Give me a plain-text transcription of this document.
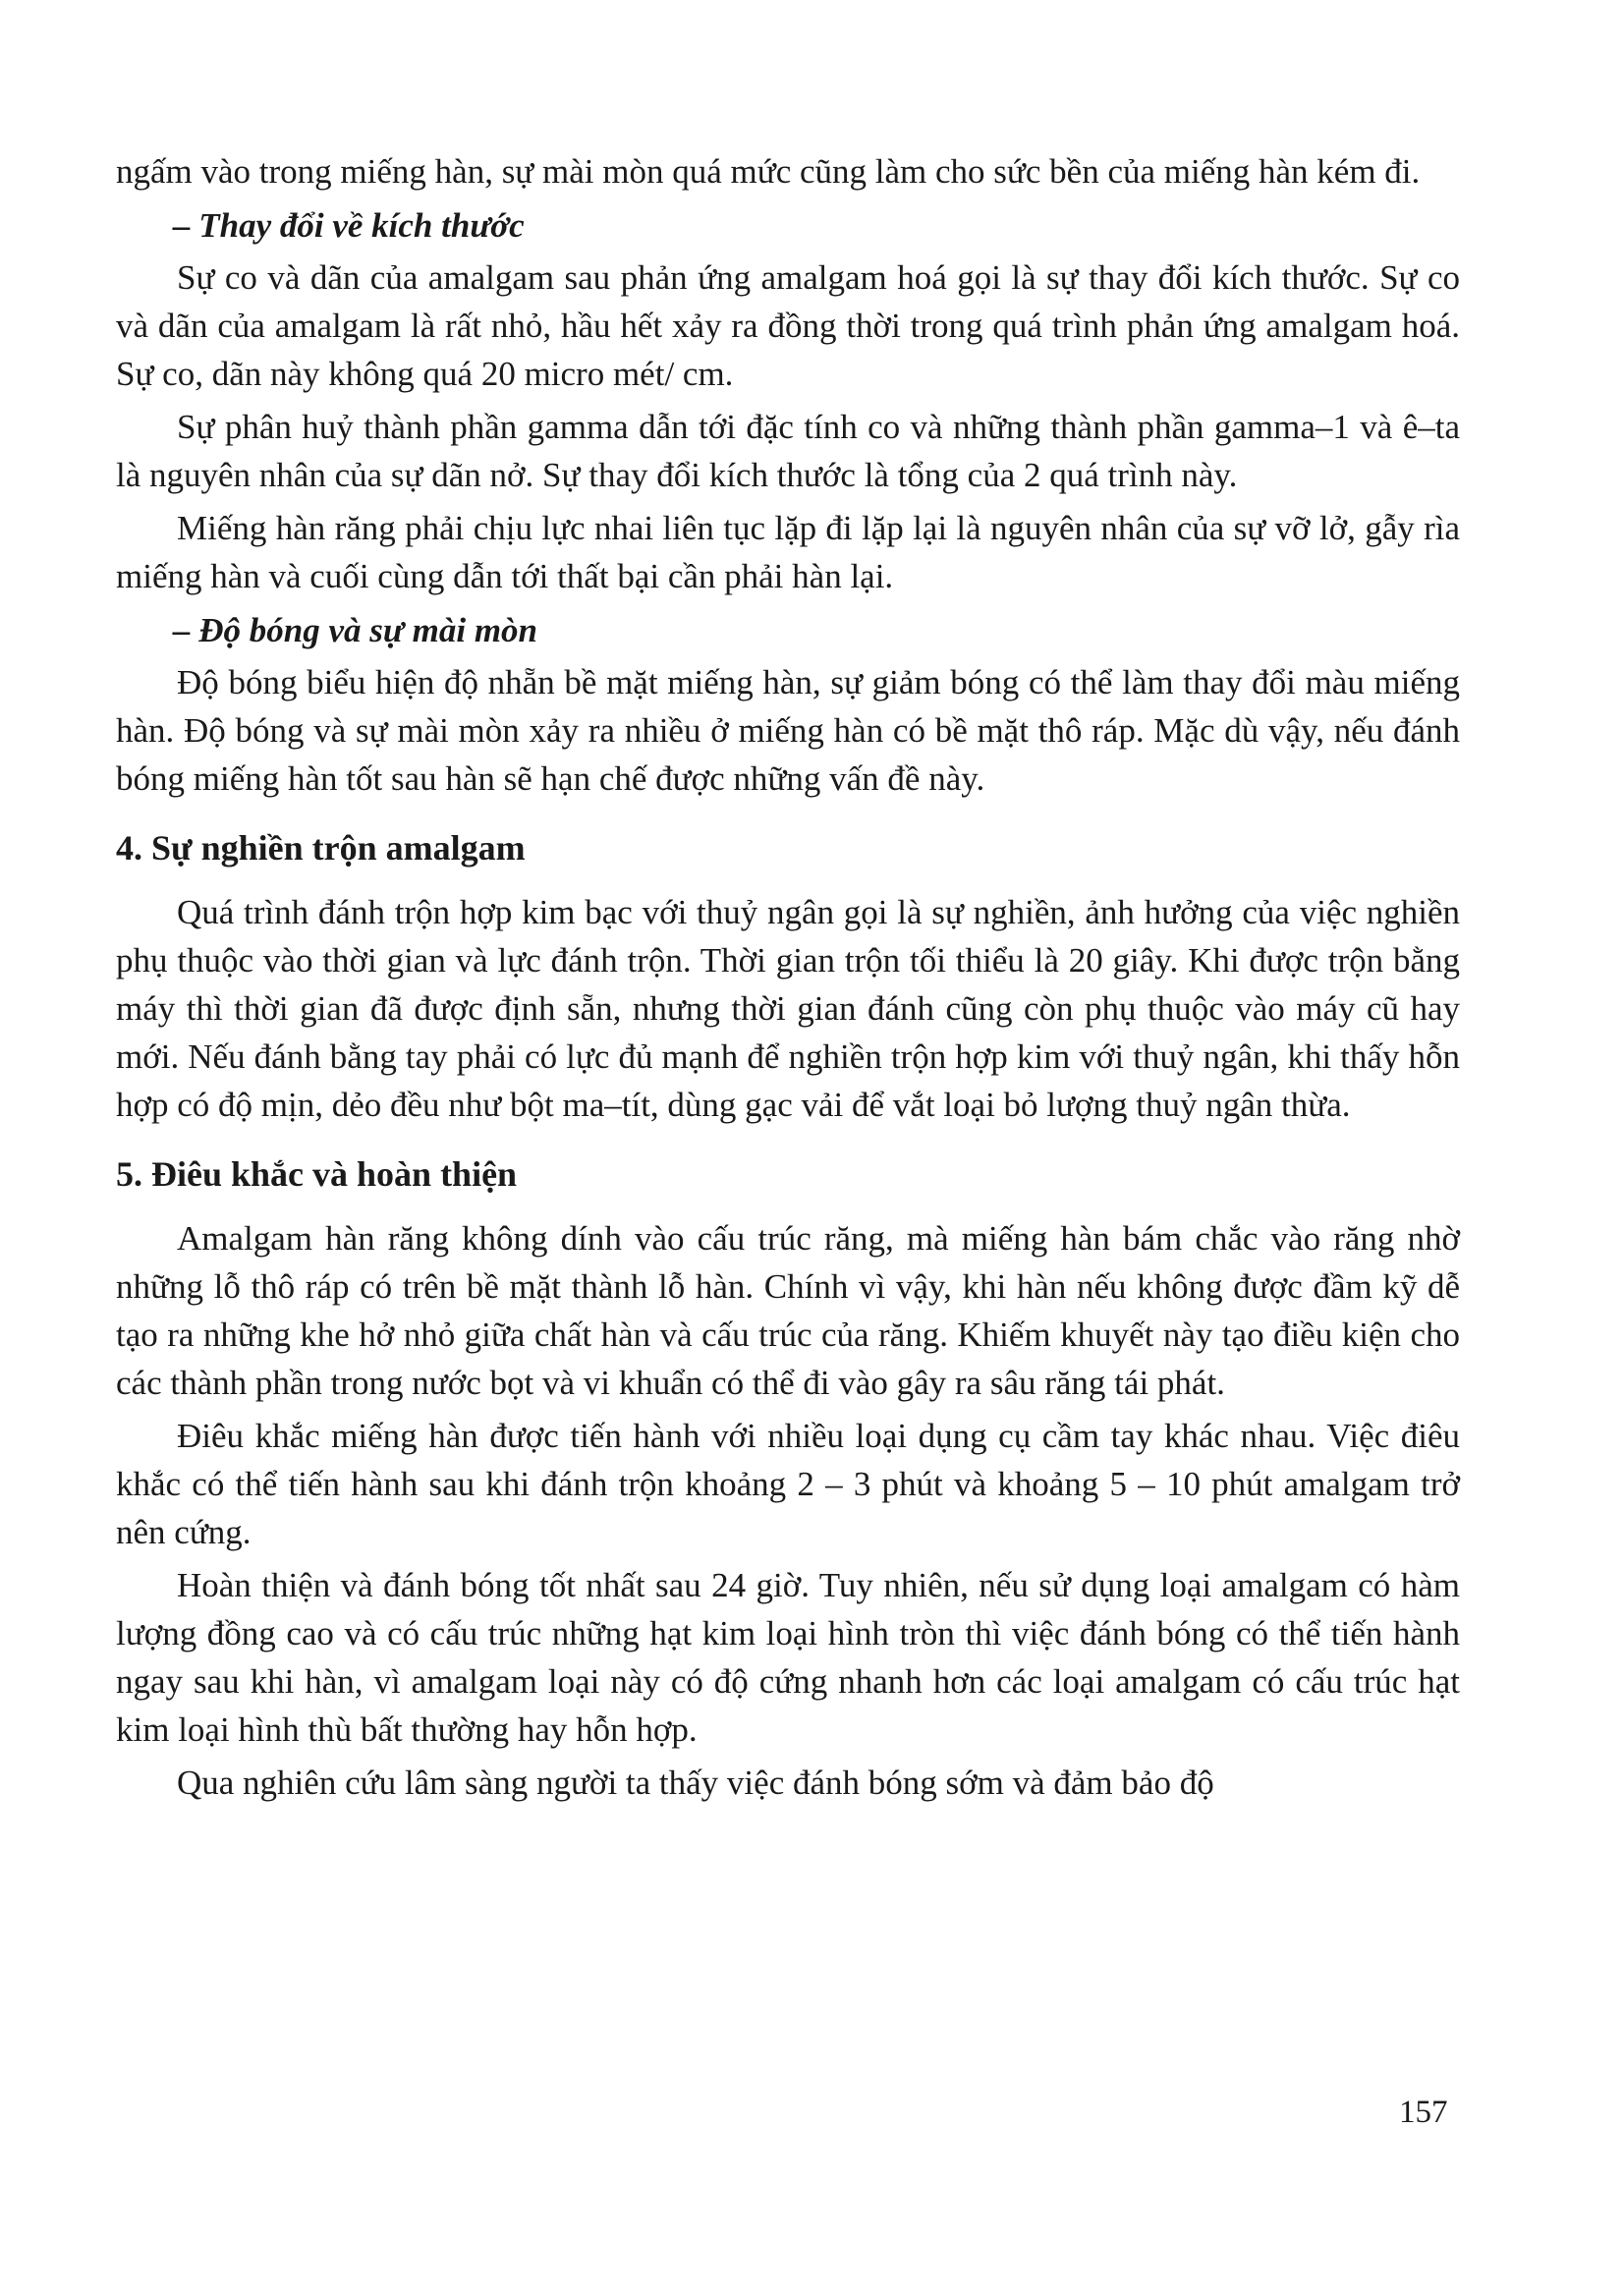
ngấm vào trong miếng hàn, sự mài mòn quá mức cũng làm cho sức bền của miếng hàn kém đi.

– Thay đổi về kích thước

Sự co và dãn của amalgam sau phản ứng amalgam hoá gọi là sự thay đổi kích thước. Sự co và dãn của amalgam là rất nhỏ, hầu hết xảy ra đồng thời trong quá trình phản ứng amalgam hoá. Sự co, dãn này không quá 20 micro mét/ cm.

Sự phân huỷ thành phần gamma dẫn tới đặc tính co và những thành phần gamma–1 và ê–ta là nguyên nhân của sự dãn nở. Sự thay đổi kích thước là tổng của 2 quá trình này.

Miếng hàn răng phải chịu lực nhai liên tục lặp đi lặp lại là nguyên nhân của sự vỡ lở, gẫy rìa miếng hàn và cuối cùng dẫn tới thất bại cần phải hàn lại.

– Độ bóng và sự mài mòn

Độ bóng biểu hiện độ nhẵn bề mặt miếng hàn, sự giảm bóng có thể làm thay đổi màu miếng hàn. Độ bóng và sự mài mòn xảy ra nhiều ở miếng hàn có bề mặt thô ráp. Mặc dù vậy, nếu đánh bóng miếng hàn tốt sau hàn sẽ hạn chế được những vấn đề này.

4. Sự nghiền trộn amalgam

Quá trình đánh trộn hợp kim bạc với thuỷ ngân gọi là sự nghiền, ảnh hưởng của việc nghiền phụ thuộc vào thời gian và lực đánh trộn. Thời gian trộn tối thiểu là 20 giây. Khi được trộn bằng máy thì thời gian đã được định sẵn, nhưng thời gian đánh cũng còn phụ thuộc vào máy cũ hay mới. Nếu đánh bằng tay phải có lực đủ mạnh để nghiền trộn hợp kim với thuỷ ngân, khi thấy hỗn hợp có độ mịn, dẻo đều như bột ma–tít, dùng gạc vải để vắt loại bỏ lượng thuỷ ngân thừa.

5. Điêu khắc và hoàn thiện

Amalgam hàn răng không dính vào cấu trúc răng, mà miếng hàn bám chắc vào răng nhờ những lỗ thô ráp có trên bề mặt thành lỗ hàn. Chính vì vậy, khi hàn nếu không được đầm kỹ dễ tạo ra những khe hở nhỏ giữa chất hàn và cấu trúc của răng. Khiếm khuyết này tạo điều kiện cho các thành phần trong nước bọt và vi khuẩn có thể đi vào gây ra sâu răng tái phát.

Điêu khắc miếng hàn được tiến hành với nhiều loại dụng cụ cầm tay khác nhau. Việc điêu khắc có thể tiến hành sau khi đánh trộn khoảng 2 – 3 phút và khoảng 5 – 10 phút amalgam trở nên cứng.

Hoàn thiện và đánh bóng tốt nhất sau 24 giờ. Tuy nhiên, nếu sử dụng loại amalgam có hàm lượng đồng cao và có cấu trúc những hạt kim loại hình tròn thì việc đánh bóng có thể tiến hành ngay sau khi hàn, vì amalgam loại này có độ cứng nhanh hơn các loại amalgam có cấu trúc hạt kim loại hình thù bất thường hay hỗn hợp.

Qua nghiên cứu lâm sàng người ta thấy việc đánh bóng sớm và đảm bảo độ

157
